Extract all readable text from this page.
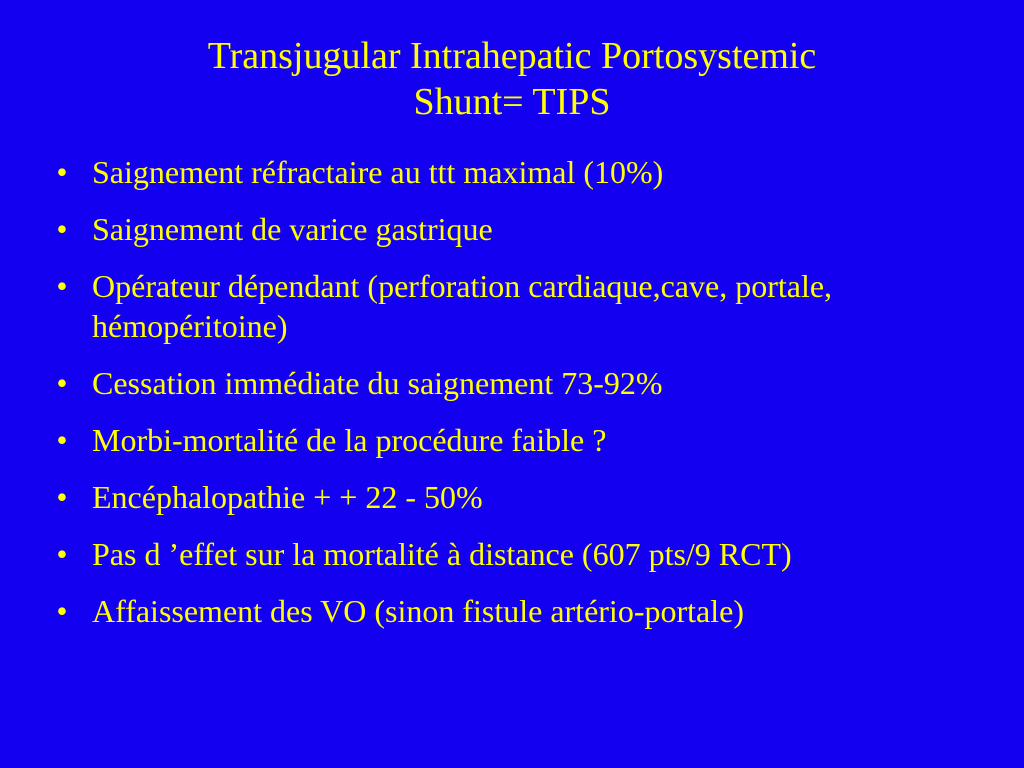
Transjugular Intrahepatic Portosystemic
Shunt= TIPS
• Saignement réfractaire au ttt maximal (10%)
• Saignement de varice gastrique
• Opérateur dépendant (perforation cardiaque,cave, portale, hémopéritoine)
• Cessation immédiate du saignement 73-92%
• Morbi-mortalité de la procédure faible ?
• Encéphalopathie + + 22 - 50%
• Pas d ’effet sur la mortalité à distance (607 pts/9 RCT)
• Affaissement des VO (sinon fistule artério-portale)
